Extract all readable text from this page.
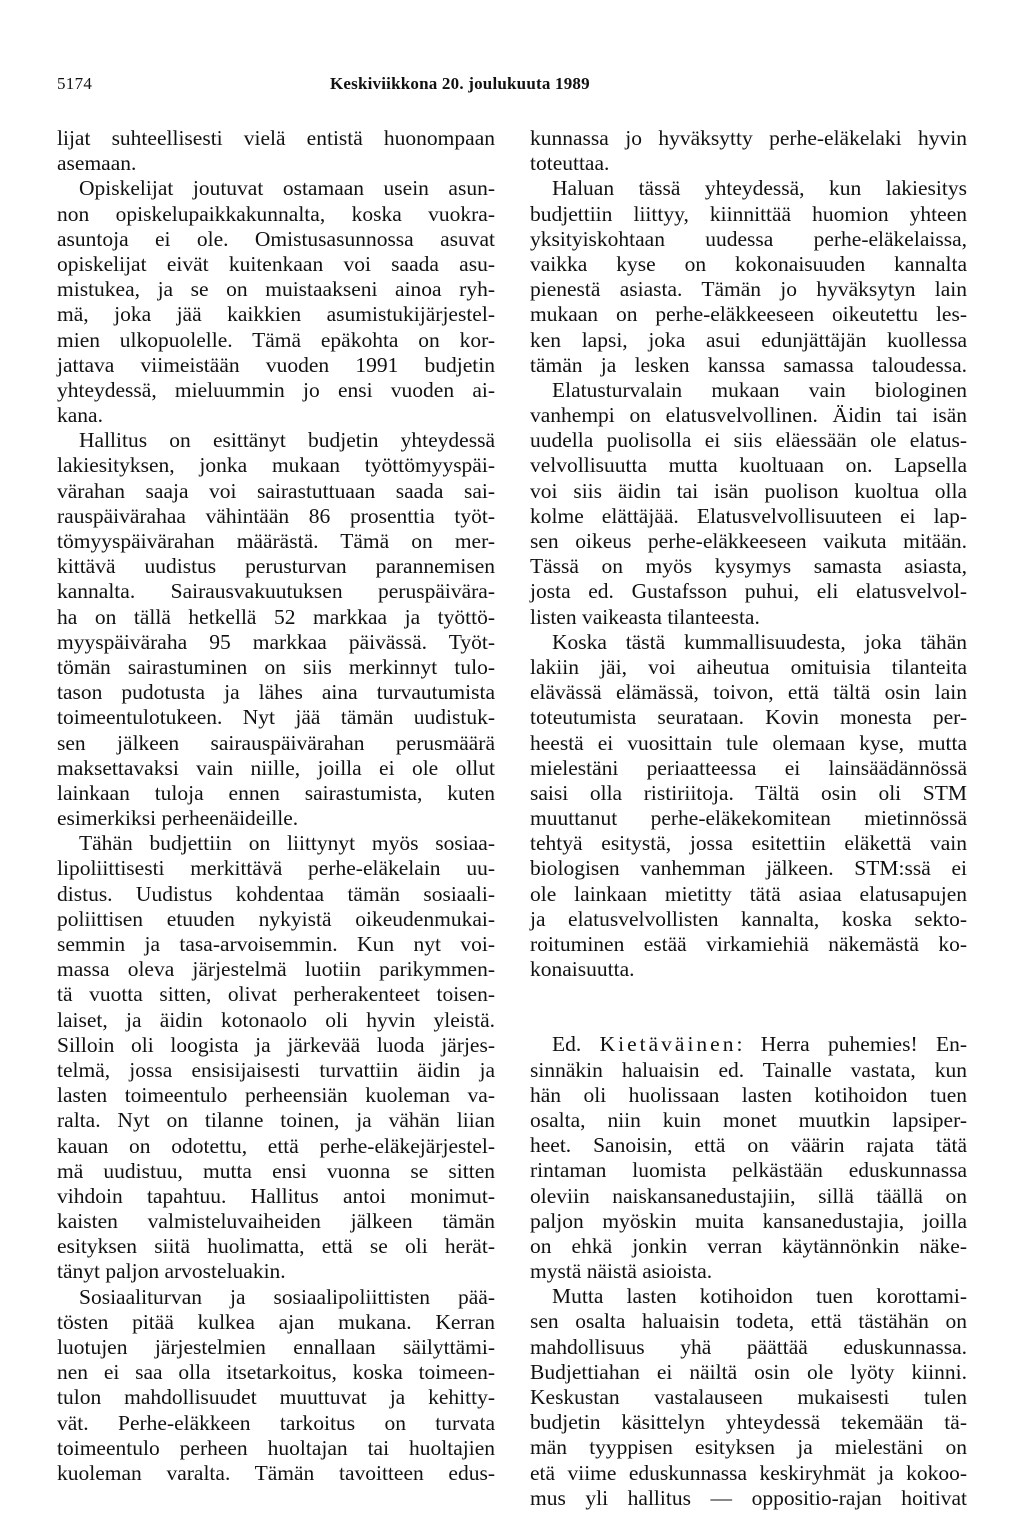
5174	Keskiviikkona 20. joulukuuta 1989
lijat suhteellisesti vielä entistä huonompaan
asemaan.
Opiskelijat joutuvat ostamaan usein asun-
non opiskelupaikkakunnalta, koska vuokra-
asuntoja ei ole. Omistusasunnossa asuvat
opiskelijat eivät kuitenkaan voi saada asu-
mistukea, ja se on muistaakseni ainoa ryh-
mä, joka jää kaikkien asumistukijärjestel-
mien ulkopuolelle. Tämä epäkohta on kor-
jattava viimeistään vuoden 1991 budjetin
yhteydessä, mieluummin jo ensi vuoden ai-
kana.
Hallitus on esittänyt budjetin yhteydessä
lakiesityksen, jonka mukaan työttömyyspäi-
värahan saaja voi sairastuttuaan saada sai-
rauspäivärahaa vähintään 86 prosenttia työt-
tömyyspäivärahan määrästä. Tämä on mer-
kittävä uudistus perusturvan parannemisen
kannalta. Sairausvakuutuksen peruspäivära-
ha on tällä hetkellä 52 markkaa ja työttö-
myyspäiväraha 95 markkaa päivässä. Työt-
tömän sairastuminen on siis merkinnyt tulo-
tason pudotusta ja lähes aina turvautumista
toimeentulotukeen. Nyt jää tämän uudistuk-
sen jälkeen sairauspäivärahan perusmäärä
maksettavaksi vain niille, joilla ei ole ollut
lainkaan tuloja ennen sairastumista, kuten
esimerkiksi perheenäideille.
Tähän budjettiin on liittynyt myös sosiaa-
lipoliittisesti merkittävä perhe-eläkelain uu-
distus. Uudistus kohdentaa tämän sosiaali-
poliittisen etuuden nykyistä oikeudenmukai-
semmin ja tasa-arvoisemmin. Kun nyt voi-
massa oleva järjestelmä luotiin parikymmen-
tä vuotta sitten, olivat perherakenteet toisen-
laiset, ja äidin kotonaolo oli hyvin yleistä.
Silloin oli loogista ja järkevää luoda järjes-
telmä, jossa ensisijaisesti turvattiin äidin ja
lasten toimeentulo perheensiän kuoleman va-
ralta. Nyt on tilanne toinen, ja vähän liian
kauan on odotettu, että perhe-eläkejärjestel-
mä uudistuu, mutta ensi vuonna se sitten
vihdoin tapahtuu. Hallitus antoi monimut-
kaisten valmisteluvaiheiden jälkeen tämän
esityksen siitä huolimatta, että se oli herät-
tänyt paljon arvosteluakin.
Sosiaaliturvan ja sosiaalipoliittisten pää-
tösten pitää kulkea ajan mukana. Kerran
luotujen järjestelmien ennallaan säilyttämi-
nen ei saa olla itsetarkoitus, koska toimeen-
tulon mahdollisuudet muuttuvat ja kehitty-
vät. Perhe-eläkkeen tarkoitus on turvata
toimeentulo perheen huoltajan tai huoltajien
kuoleman varalta. Tämän tavoitteen edus-
kunnassa jo hyväksytty perhe-eläkelaki hyvin
toteuttaa.
Haluan tässä yhteydessä, kun lakiesitys
budjettiin liittyy, kiinnittää huomion yhteen
yksityiskohtaan uudessa perhe-eläkelaissa,
vaikka kyse on kokonaisuuden kannalta
pienestä asiasta. Tämän jo hyväksytyn lain
mukaan on perhe-eläkkeeseen oikeutettu les-
ken lapsi, joka asui edunjättäjän kuollessa
tämän ja lesken kanssa samassa taloudessa.
Elatusturvalain mukaan vain biologinen
vanhempi on elatusvelvollinen. Äidin tai isän
uudella puolisolla ei siis eläessään ole elatus-
velvollisuutta mutta kuoltuaan on. Lapsella
voi siis äidin tai isän puolison kuoltua olla
kolme elättäjää. Elatusvelvollisuuteen ei lap-
sen oikeus perhe-eläkkeeseen vaikuta mitään.
Tässä on myös kysymys samasta asiasta,
josta ed. Gustafsson puhui, eli elatusvelvol-
listen vaikeasta tilanteesta.
Koska tästä kummallisuudesta, joka tähän
lakiin jäi, voi aiheutua omituisia tilanteita
elävässä elämässä, toivon, että tältä osin lain
toteutumista seurataan. Kovin monesta per-
heestä ei vuosittain tule olemaan kyse, mutta
mielestäni periaatteessa ei lainsäädännössä
saisi olla ristiriitoja. Tältä osin oli STM
muuttanut perhe-eläkekomitean mietinnössä
tehtyä esitystä, jossa esitettiin eläkettä vain
biologisen vanhemman jälkeen. STM:ssä ei
ole lainkaan mietitty tätä asiaa elatusapujen
ja elatusvelvollisten kannalta, koska sekto-
roituminen estää virkamiehiä näkemästä ko-
konaisuutta.
Ed. Kietäväinen: Herra puhemies! En-
sinnäkin haluaisin ed. Tainalle vastata, kun
hän oli huolissaan lasten kotihoidon tuen
osalta, niin kuin monet muutkin lapsiper-
heet. Sanoisin, että on väärin rajata tätä
rintaman luomista pelkästään eduskunnassa
oleviin naiskansanedustajiin, sillä täällä on
paljon myöskin muita kansanedustajia, joilla
on ehkä jonkin verran käytännönkin näke-
mystä näistä asioista.
Mutta lasten kotihoidon tuen korottami-
sen osalta haluaisin todeta, että tästähän on
mahdollisuus yhä päättää eduskunnassa.
Budjettiahan ei näiltä osin ole lyöty kiinni.
Keskustan vastalauseen mukaisesti tulen
budjetin käsittelyn yhteydessä tekemään tä-
män tyyppisen esityksen ja mielestäni on
etä viime eduskunnassa keskiryhmät ja kokoo-
mus yli hallitus — oppositio-rajan hoitivat
